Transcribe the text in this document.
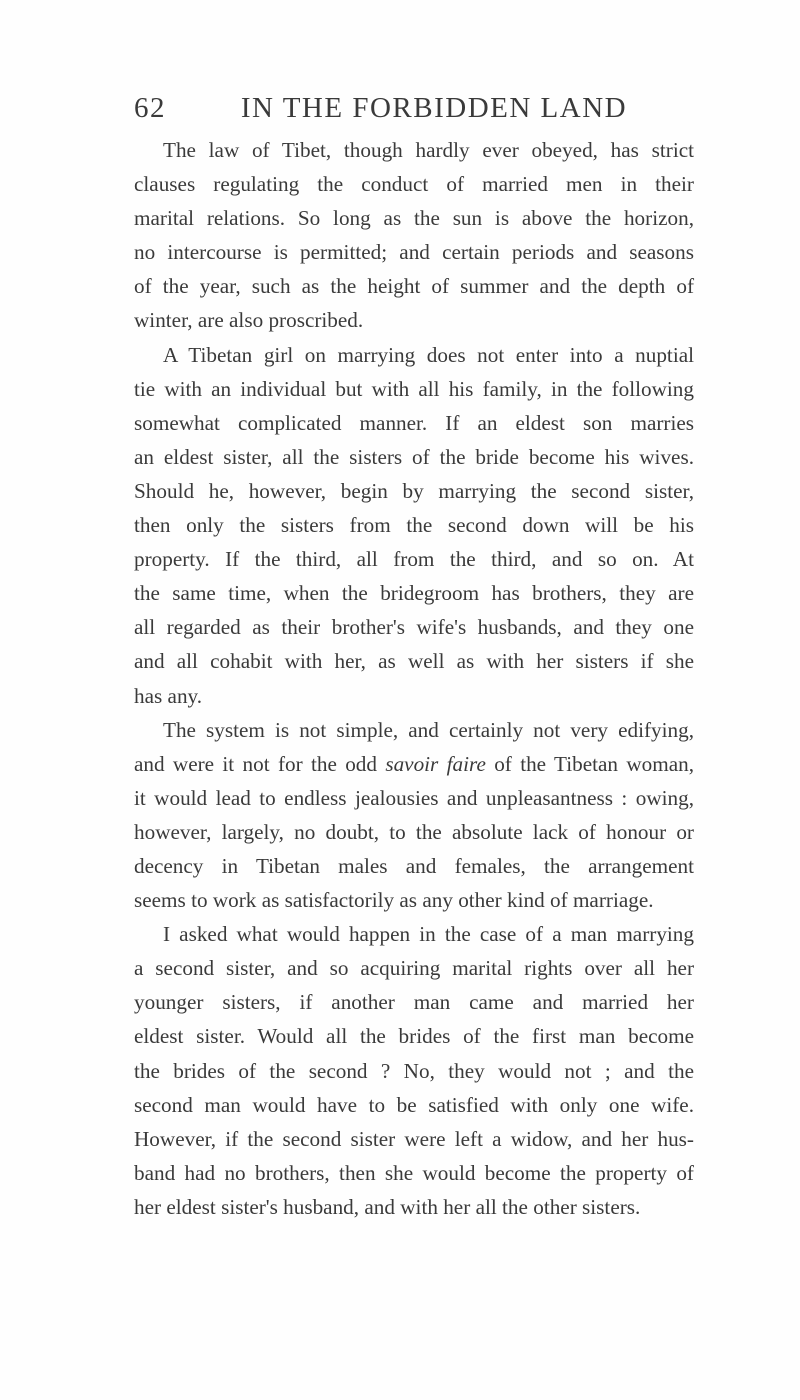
62	IN THE FORBIDDEN LAND
The law of Tibet, though hardly ever obeyed, has strict
clauses regulating the conduct of married men in their
marital relations. So long as the sun is above the horizon,
no intercourse is permitted; and certain periods and seasons
of the year, such as the height of summer and the depth of
winter, are also proscribed.
A Tibetan girl on marrying does not enter into a nuptial
tie with an individual but with all his family, in the following
somewhat complicated manner. If an eldest son marries
an eldest sister, all the sisters of the bride become his wives.
Should he, however, begin by marrying the second sister,
then only the sisters from the second down will be his
property. If the third, all from the third, and so on. At
the same time, when the bridegroom has brothers, they are
all regarded as their brother's wife's husbands, and they one
and all cohabit with her, as well as with her sisters if she
has any.
The system is not simple, and certainly not very edifying,
and were it not for the odd savoir faire of the Tibetan woman,
it would lead to endless jealousies and unpleasantness : owing,
however, largely, no doubt, to the absolute lack of honour or
decency in Tibetan males and females, the arrangement
seems to work as satisfactorily as any other kind of marriage.
I asked what would happen in the case of a man marrying
a second sister, and so acquiring marital rights over all her
younger sisters, if another man came and married her
eldest sister. Would all the brides of the first man become
the brides of the second ? No, they would not ; and the
second man would have to be satisfied with only one wife.
However, if the second sister were left a widow, and her hus-
band had no brothers, then she would become the property of
her eldest sister's husband, and with her all the other sisters.
